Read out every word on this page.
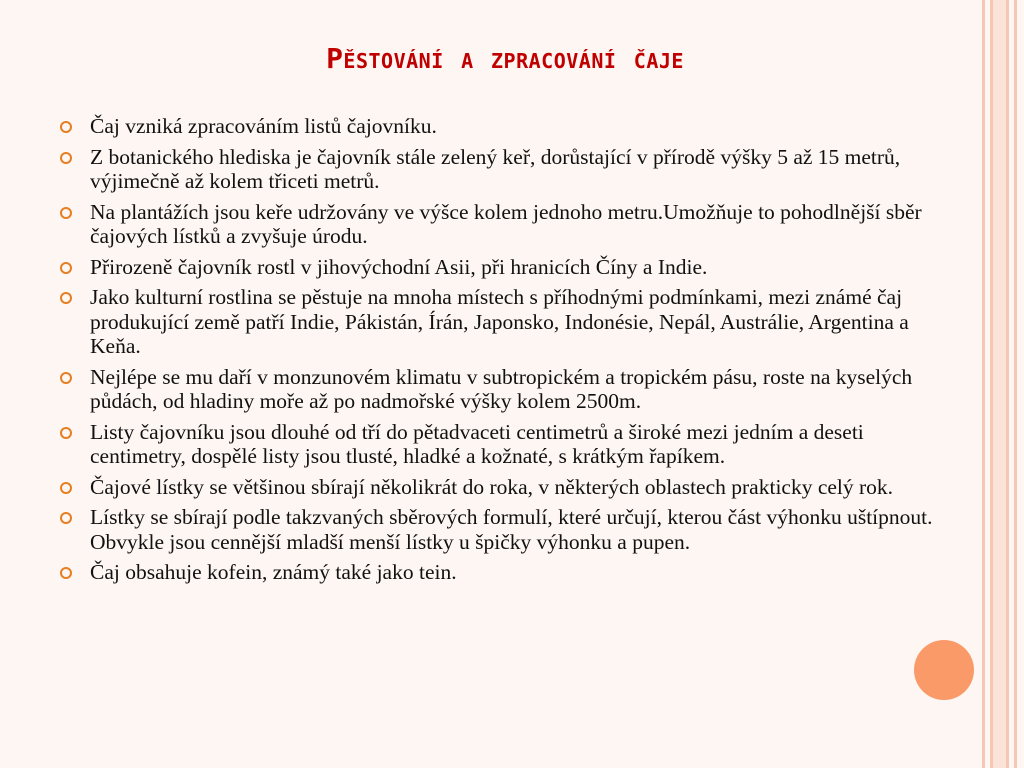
Pěstování a zpracování čaje
Čaj vzniká zpracováním listů čajovníku.
Z botanického hlediska je čajovník stále zelený keř, dorůstající v přírodě výšky 5 až 15 metrů, výjimečně až kolem třiceti metrů.
Na plantážích jsou keře udržovány ve výšce kolem jednoho metru.Umožňuje to pohodlnější sběr čajových lístků a zvyšuje úrodu.
Přirozeně čajovník rostl v jihovýchodní Asii, při hranicích Číny a Indie.
Jako kulturní rostlina se pěstuje na mnoha místech s příhodnými podmínkami, mezi známé čaj produkující země patří Indie, Pákistán, Írán, Japonsko, Indonésie, Nepál, Austrálie, Argentina a Keňa.
Nejlépe se mu daří v monzunovém klimatu v subtropickém a tropickém pásu, roste na kyselých půdách, od hladiny moře až po nadmořské výšky kolem 2500m.
Listy čajovníku jsou dlouhé od tří do pětadvaceti centimetrů a široké mezi jedním a deseti centimetry, dospělé listy jsou tlusté, hladké a kožnaté, s krátkým řapíkem.
Čajové lístky se většinou sbírají několikrát do roka, v některých oblastech prakticky celý rok.
Lístky se sbírají podle takzvaných sběrových formulí, které určují, kterou část výhonku uštípnout. Obvykle jsou cennější mladší menší lístky u špičky výhonku a pupen.
Čaj obsahuje kofein, známý také jako tein.
